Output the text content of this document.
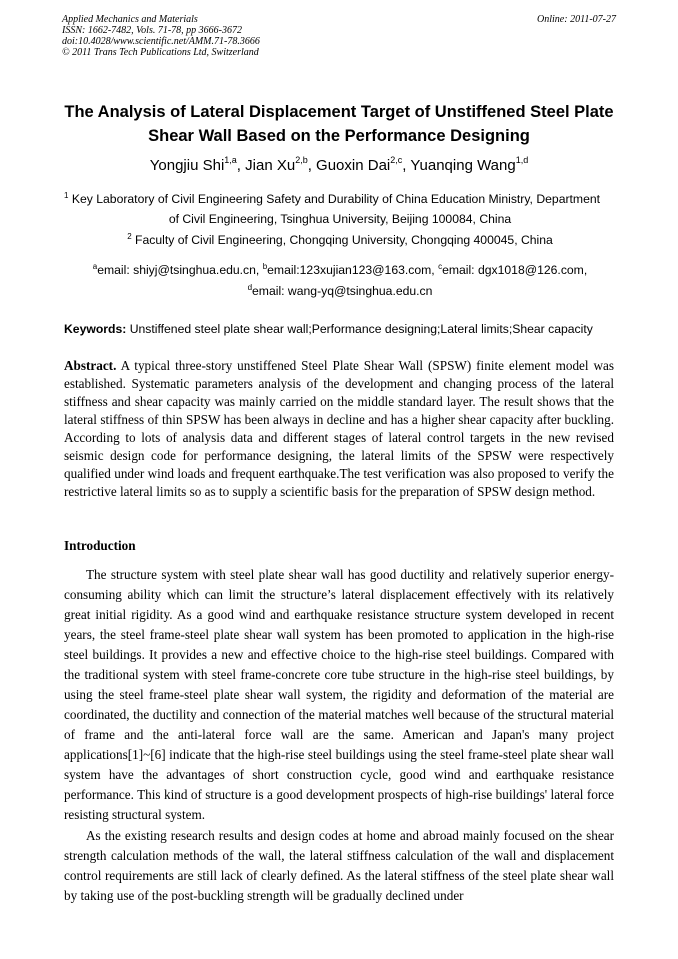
Applied Mechanics and Materials
ISSN: 1662-7482, Vols. 71-78, pp 3666-3672
doi:10.4028/www.scientific.net/AMM.71-78.3666
© 2011 Trans Tech Publications Ltd, Switzerland
Online: 2011-07-27
The Analysis of Lateral Displacement Target of Unstiffened Steel Plate
Shear Wall Based on the Performance Designing
Yongjiu Shi$^{1,a}$, Jian Xu$^{2,b}$, Guoxin Dai$^{2,c}$, Yuanqing Wang$^{1,d}$
$^1$ Key Laboratory of Civil Engineering Safety and Durability of China Education Ministry, Department
of Civil Engineering, Tsinghua University, Beijing 100084, China
$^2$ Faculty of Civil Engineering, Chongqing University, Chongqing 400045, China
$^a$email: shiyj@tsinghua.edu.cn, $^b$email:123xujian123@163.com, $^c$email: dgx1018@126.com,
$^d$email: wang-yq@tsinghua.edu.cn
Keywords: Unstiffened steel plate shear wall;Performance designing;Lateral limits;Shear capacity
Abstract. A typical three-story unstiffened Steel Plate Shear Wall (SPSW) finite element model was established. Systematic parameters analysis of the development and changing process of the lateral stiffness and shear capacity was mainly carried on the middle standard layer. The result shows that the lateral stiffness of thin SPSW has been always in decline and has a higher shear capacity after buckling. According to lots of analysis data and different stages of lateral control targets in the new revised seismic design code for performance designing, the lateral limits of the SPSW were respectively qualified under wind loads and frequent earthquake.The test verification was also proposed to verify the restrictive lateral limits so as to supply a scientific basis for the preparation of SPSW design method.
Introduction

The structure system with steel plate shear wall has good ductility and relatively superior energy-consuming ability which can limit the structure’s lateral displacement effectively with its relatively great initial rigidity. As a good wind and earthquake resistance structure system developed in recent years, the steel frame-steel plate shear wall system has been promoted to application in the high-rise steel buildings. It provides a new and effective choice to the high-rise steel buildings. Compared with the traditional system with steel frame-concrete core tube structure in the high-rise steel buildings, by using the steel frame-steel plate shear wall system, the rigidity and deformation of the material are coordinated, the ductility and connection of the material matches well because of the structural material of frame and the anti-lateral force wall are the same. American and Japan's many project applications[1]~[6] indicate that the high-rise steel buildings using the steel frame-steel plate shear wall system have the advantages of short construction cycle, good wind and earthquake resistance performance. This kind of structure is a good development prospects of high-rise buildings' lateral force resisting structural system.

As the existing research results and design codes at home and abroad mainly focused on the shear strength calculation methods of the wall, the lateral stiffness calculation of the wall and displacement control requirements are still lack of clearly defined. As the lateral stiffness of the steel plate shear wall by taking use of the post-buckling strength will be gradually declined under
